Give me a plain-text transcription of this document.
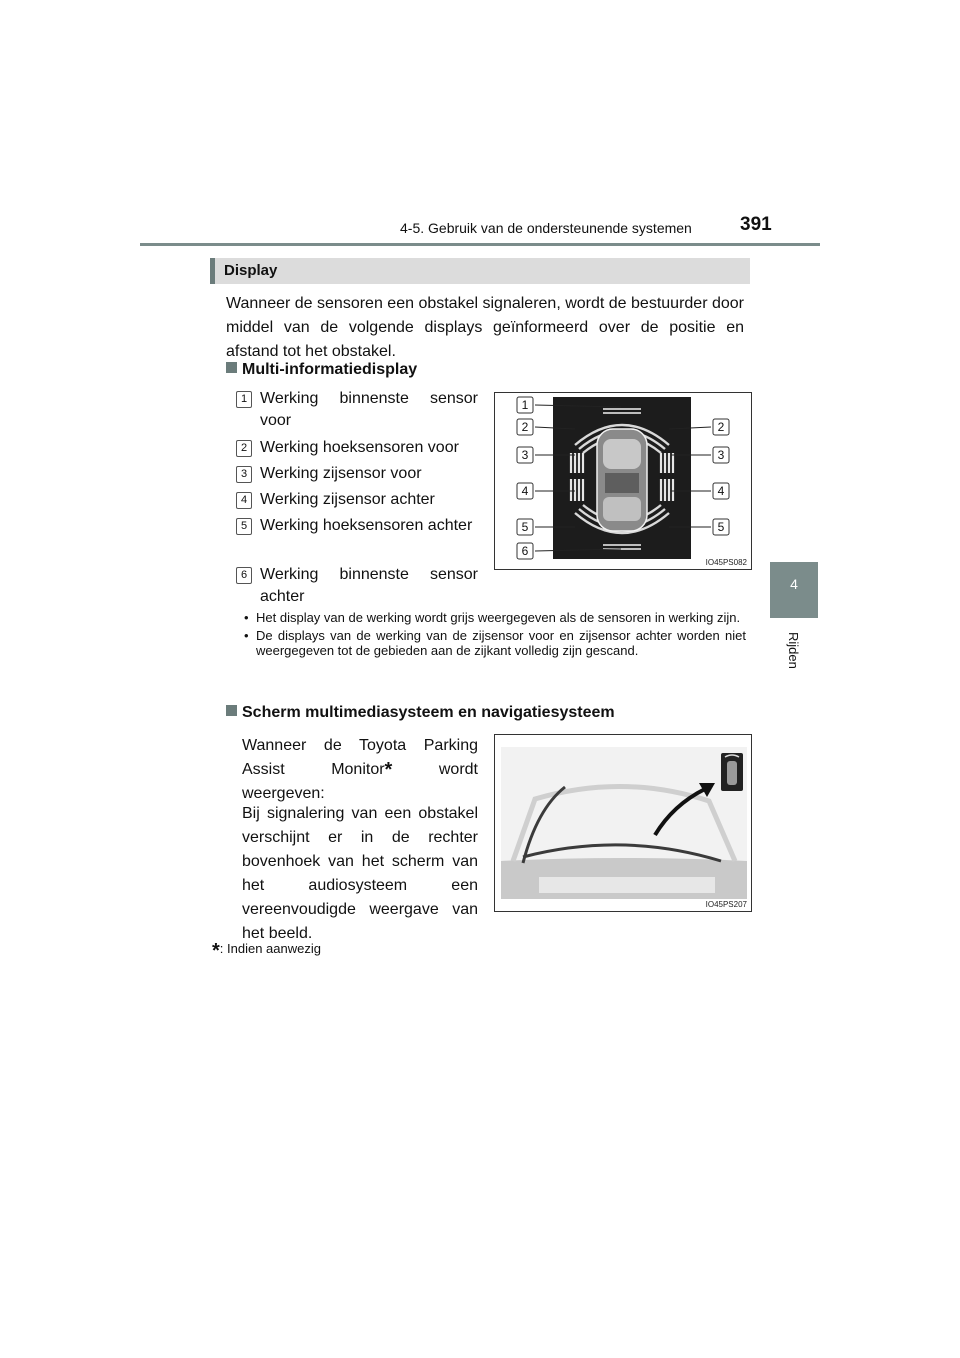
4-5. Gebruik van de ondersteunende systemen	391
4
Rijden
Display
Wanneer de sensoren een obstakel signaleren, wordt de bestuurder door middel van de volgende displays geïnformeerd over de positie en afstand tot het obstakel.
Multi-informatiedisplay
1 Werking binnenste sensor voor
2 Werking hoeksensoren voor
3 Werking zijsensor voor
4 Werking zijsensor achter
5 Werking hoeksensoren achter
6 Werking binnenste sensor achter
1
2	2
3	3
4	4
5	5
6
IO45PS082
• Het display van de werking wordt grijs weergegeven als de sensoren in werking zijn.
• De displays van de werking van de zijsensor voor en zijsensor achter worden niet weergegeven tot de gebieden aan de zijkant volledig zijn gescand.
Scherm multimediasysteem en navigatiesysteem
Wanneer de Toyota Parking Assist Monitor* wordt weergeven:
Bij signalering van een obstakel verschijnt er in de rechter bovenhoek van het scherm van het audiosysteem een vereenvoudigde weergave van het beeld.
IO45PS207
*: Indien aanwezig
